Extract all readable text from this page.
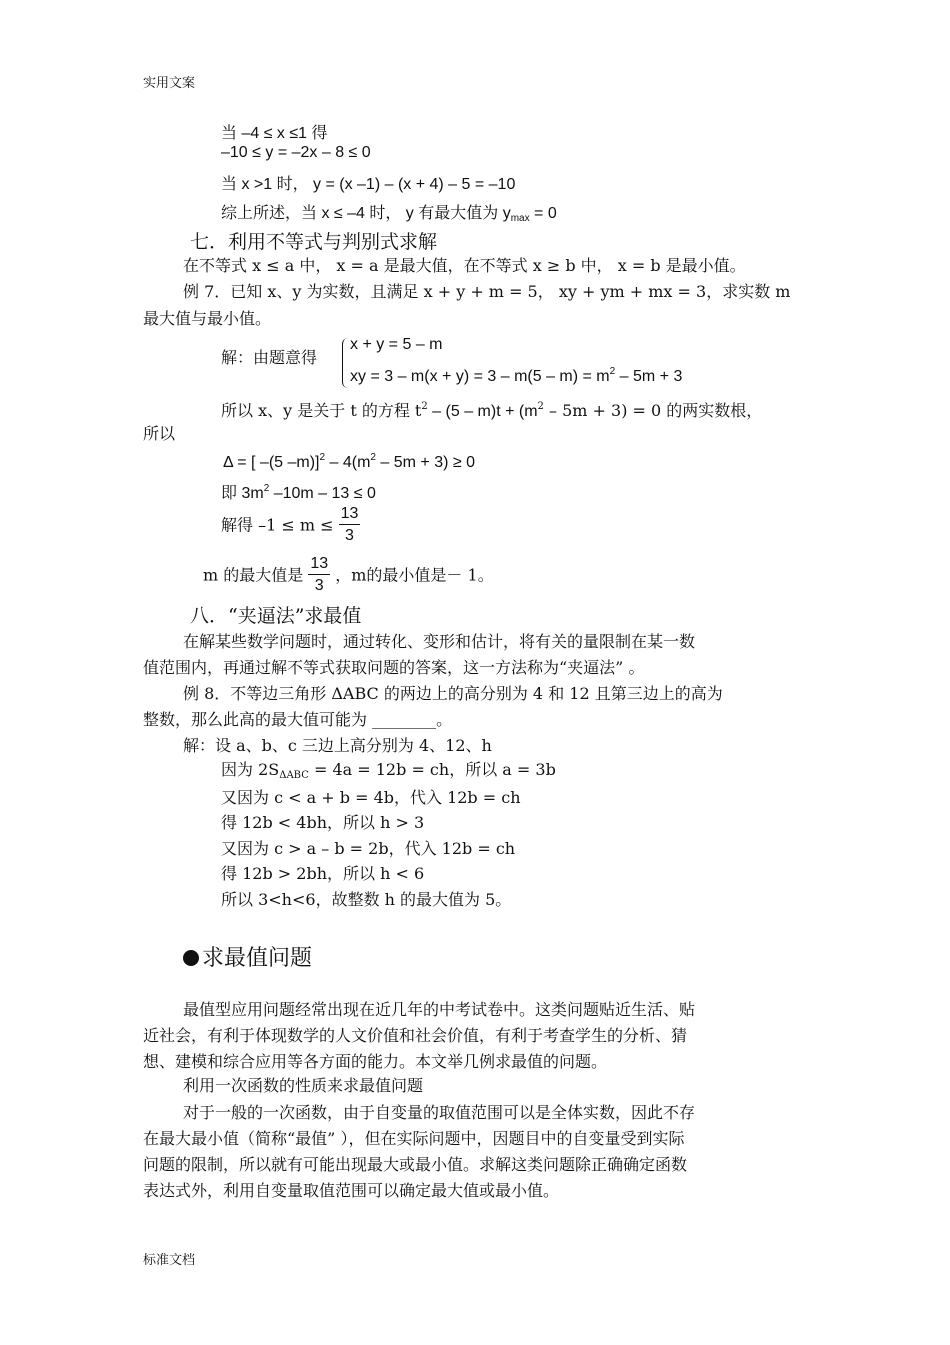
实用文案
当 –4 ≤ x ≤1 得
–10 ≤ y = –2x – 8 ≤ 0
当 x >1 时， y = (x –1) – (x + 4) – 5 = –10
综上所述，当 x ≤ –4 时， y 有最大值为 $y_{max} = 0$
七．利用不等式与判别式求解
在不等式 x ≤ a 中， x = a 是最大值，在不等式 x ≥ b 中， x = b 是最小值。
例 7．已知 x、y 为实数，且满足 x + y + m = 5， xy + ym + mx = 3，求实数 m
最大值与最小值。
解：由题意得
x + y = 5 – m
xy = $3 - m(x + y) = 3 - m(5 - m) = m^2 - 5m + 3$
所以 x、y 是关于 t 的方程 $t^2 - (5 - m)t + (m^2 - 5m + 3) = 0$ 的两实数根，
所以
Δ = [ –(5 $-m)]^2 - 4(m^2 - 5m + 3) \ge 0$
即 $3m^2$ –10m – 13 ≤ 0
解得 $-1 \le m \le \frac{13}{3}$
m 的最大值是 $\frac{13}{3}$ ，m的最小值是－ 1。
八．“夹逼法”求最值
在解某些数学问题时，通过转化、变形和估计，将有关的量限制在某一数
值范围内，再通过解不等式获取问题的答案，这一方法称为“夹逼法” 。
例 8．不等边三角形 ΔABC 的两边上的高分别为 4 和 12 且第三边上的高为
整数，那么此高的最大值可能为 ________。
解：设 a、b、c 三边上高分别为 4、12、h
因为 $2S_{\Delta ABC} = 4a = 12b$ = ch，所以 a = 3b
又因为 c < a + b = 4b，代入 12b = ch
得 12b < 4bh，所以 h > 3
又因为 c > a – b = 2b，代入 12b = ch
得 12b > 2bh，所以 h < 6
所以 3<h<6，故整数 h 的最大值为 5。
求最值问题
最值型应用问题经常出现在近几年的中考试卷中。这类问题贴近生活、贴
近社会，有利于体现数学的人文价值和社会价值，有利于考查学生的分析、猜
想、建模和综合应用等各方面的能力。本文举几例求最值的问题。
利用一次函数的性质来求最值问题
对于一般的一次函数，由于自变量的取值范围可以是全体实数，因此不存
在最大最小值（简称“最值” ），但在实际问题中，因题目中的自变量受到实际
问题的限制，所以就有可能出现最大或最小值。求解这类问题除正确确定函数
表达式外，利用自变量取值范围可以确定最大值或最小值。
标准文档
